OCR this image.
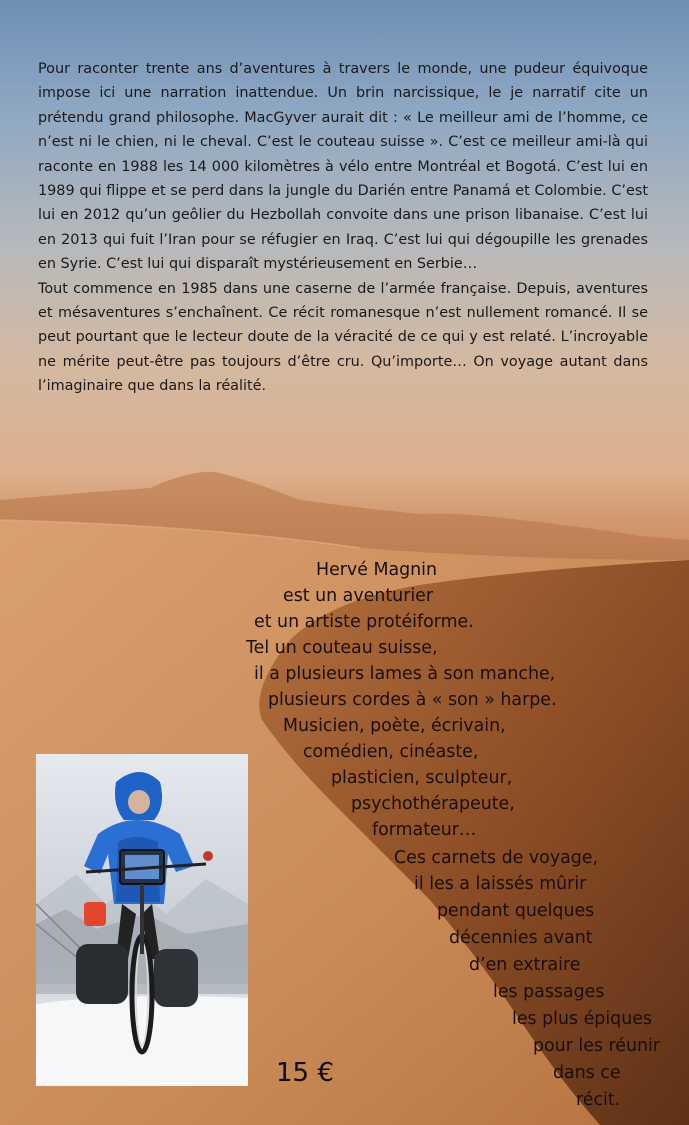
Pour raconter trente ans d’aventures à travers le monde, une pudeur équivoque impose ici une narration inattendue. Un brin narcissique, le je narratif cite un prétendu grand philosophe. MacGyver aurait dit : « Le meilleur ami de l’homme, ce n’est ni le chien, ni le cheval. C’est le couteau suisse ». C’est ce meilleur ami-là qui raconte en 1988 les 14 000 kilomètres à vélo entre Montréal et Bogotá. C’est lui en 1989 qui flippe et se perd dans la jungle du Darién entre Panamá et Colombie. C’est lui en 2012 qu’un geôlier du Hezbollah convoite dans une prison libanaise. C’est lui en 2013 qui fuit l’Iran pour se réfugier en Iraq. C’est lui qui dégoupille les grenades en Syrie. C’est lui qui disparaît mystérieusement en Serbie…

Tout commence en 1985 dans une caserne de l’armée française. Depuis, aventures et mésaventures s’enchaînent. Ce récit romanesque n’est nullement romancé. Il se peut pourtant que le lecteur doute de la véracité de ce qui y est relaté. L’incroyable ne mérite peut-être pas toujours d’être cru. Qu’importe… On voyage autant dans l’imaginaire que dans la réalité.

Hervé Magnin
est un aventurier
et un artiste protéiforme.
Tel un couteau suisse,
il a plusieurs lames à son manche,
plusieurs cordes à « son » harpe.
Musicien, poète, écrivain,
comédien, cinéaste,
plasticien, sculpteur,
psychothérapeute,
formateur…
Ces carnets de voyage,
il les a laissés mûrir
pendant quelques
décennies avant
d’en extraire
les passages
les plus épiques
pour les réunir
dans ce
récit.
15 €
